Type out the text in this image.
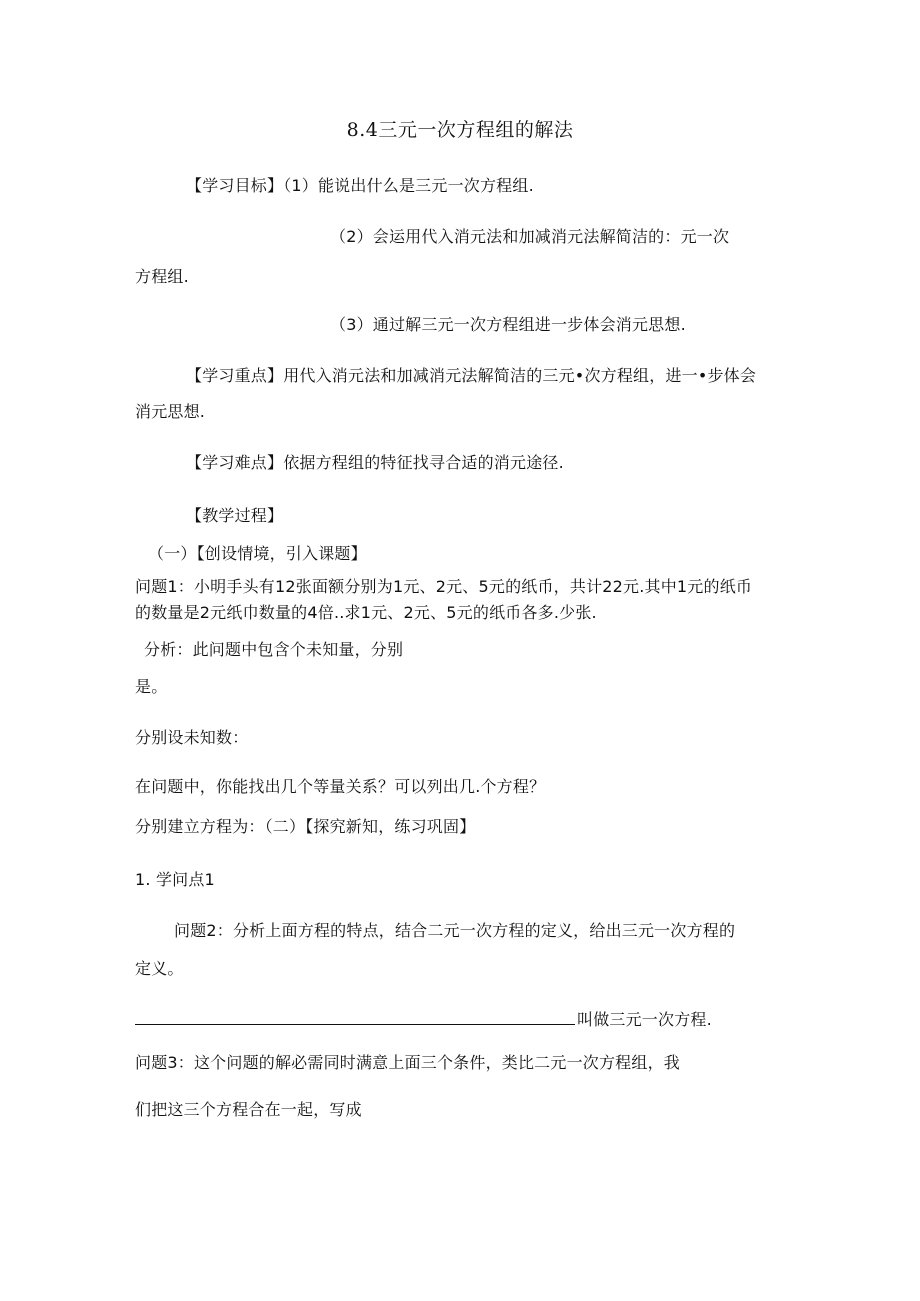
8.4三元一次方程组的解法
【学习目标】（1）能说出什么是三元一次方程组.
（2）会运用代入消元法和加减消元法解简洁的：元一次
方程组.
（3）通过解三元一次方程组进一步体会消元思想.
【学习重点】用代入消元法和加减消元法解简洁的三元•次方程组，进一•步体会
消元思想.
【学习难点】依据方程组的特征找寻合适的消元途径.
【教学过程】
（一）【创设情境，引入课题】
问题1：小明手头有12张面额分别为1元、2元、5元的纸币，共计22元.其中1元的纸币
的数量是2元纸巾数量的4倍..求1元、2元、5元的纸币各多.少张.
分析：此问题中包含个未知量，分别
是。
分别设未知数：
在问题中，你能找出几个等量关系？可以列出几.个方程？
分别建立方程为：（二）【探究新知，练习巩固】
1. 学问点1
问题2：分析上面方程的特点，结合二元一次方程的定义，给出三元一次方程的
定义。
叫做三元一次方程.
问题3：这个问题的解必需同时满意上面三个条件，类比二元一次方程组，我
们把这三个方程合在一起，写成
